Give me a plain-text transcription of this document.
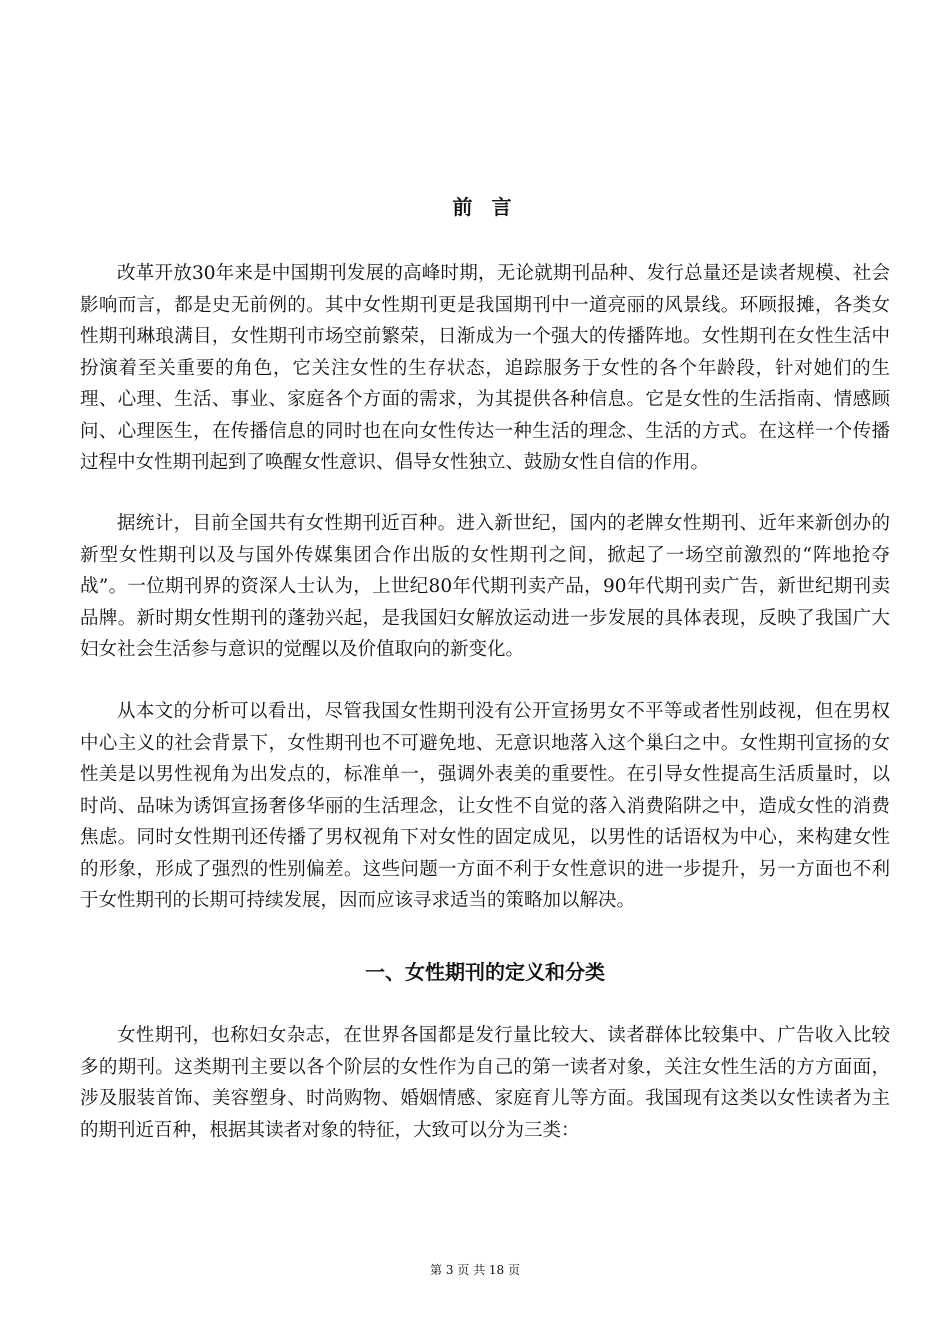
前 言

改革开放30年来是中国期刊发展的高峰时期，无论就期刊品种、发行总量还是读者规模、社会影响而言，都是史无前例的。其中女性期刊更是我国期刊中一道亮丽的风景线。环顾报摊，各类女性期刊琳琅满目，女性期刊市场空前繁荣，日渐成为一个强大的传播阵地。女性期刊在女性生活中扮演着至关重要的角色，它关注女性的生存状态，追踪服务于女性的各个年龄段，针对她们的生理、心理、生活、事业、家庭各个方面的需求，为其提供各种信息。它是女性的生活指南、情感顾问、心理医生，在传播信息的同时也在向女性传达一种生活的理念、生活的方式。在这样一个传播过程中女性期刊起到了唤醒女性意识、倡导女性独立、鼓励女性自信的作用。

据统计，目前全国共有女性期刊近百种。进入新世纪，国内的老牌女性期刊、近年来新创办的新型女性期刊以及与国外传媒集团合作出版的女性期刊之间，掀起了一场空前激烈的“阵地抢夺战”。一位期刊界的资深人士认为，上世纪80年代期刊卖产品，90年代期刊卖广告，新世纪期刊卖品牌。新时期女性期刊的蓬勃兴起，是我国妇女解放运动进一步发展的具体表现，反映了我国广大妇女社会生活参与意识的觉醒以及价值取向的新变化。

从本文的分析可以看出，尽管我国女性期刊没有公开宣扬男女不平等或者性别歧视，但在男权中心主义的社会背景下，女性期刊也不可避免地、无意识地落入这个巢臼之中。女性期刊宣扬的女性美是以男性视角为出发点的，标准单一，强调外表美的重要性。在引导女性提高生活质量时，以时尚、品味为诱饵宣扬奢侈华丽的生活理念，让女性不自觉的落入消费陷阱之中，造成女性的消费焦虑。同时女性期刊还传播了男权视角下对女性的固定成见，以男性的话语权为中心，来构建女性的形象，形成了强烈的性别偏差。这些问题一方面不利于女性意识的进一步提升，另一方面也不利于女性期刊的长期可持续发展，因而应该寻求适当的策略加以解决。

一、女性期刊的定义和分类

女性期刊，也称妇女杂志，在世界各国都是发行量比较大、读者群体比较集中、广告收入比较多的期刊。这类期刊主要以各个阶层的女性作为自己的第一读者对象，关注女性生活的方方面面，涉及服装首饰、美容塑身、时尚购物、婚姻情感、家庭育儿等方面。我国现有这类以女性读者为主的期刊近百种，根据其读者对象的特征，大致可以分为三类：

第 3 页 共 18 页
